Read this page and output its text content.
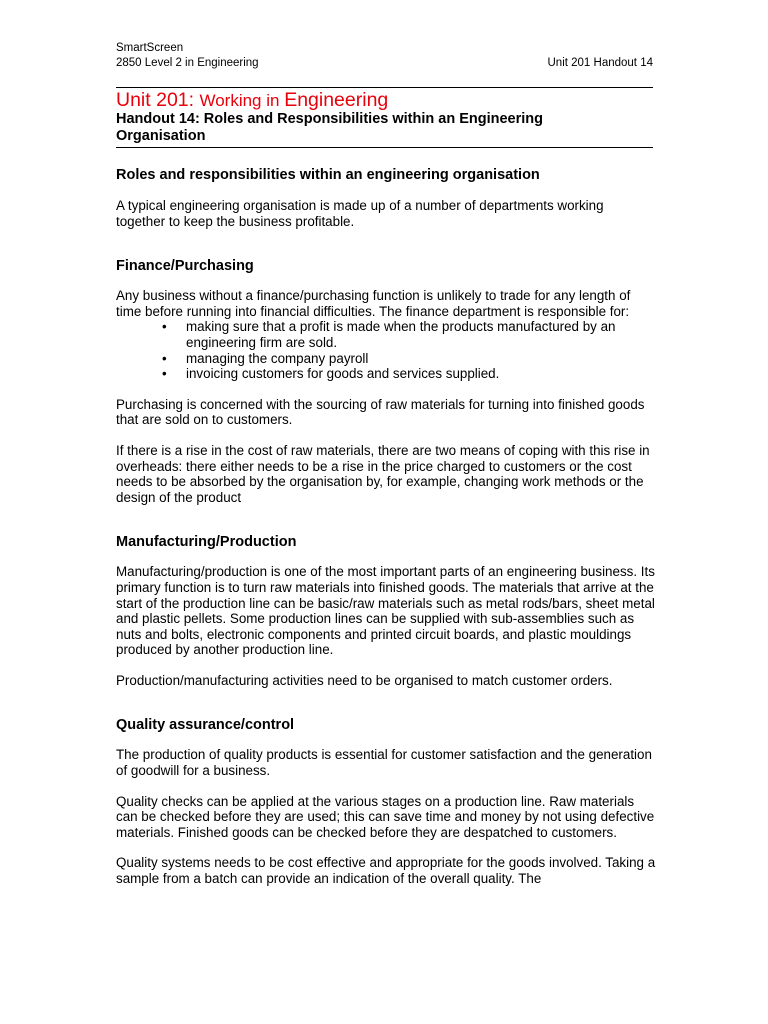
SmartScreen
2850 Level 2 in Engineering	Unit 201 Handout 14
Unit 201: Working in Engineering
Handout 14: Roles and Responsibilities within an Engineering Organisation
Roles and responsibilities within an engineering organisation

A typical engineering organisation is made up of a number of departments working together to keep the business profitable.

Finance/Purchasing

Any business without a finance/purchasing function is unlikely to trade for any length of time before running into financial difficulties. The finance department is responsible for:

• making sure that a profit is made when the products manufactured by an engineering firm are sold.
• managing the company payroll
• invoicing customers for goods and services supplied.

Purchasing is concerned with the sourcing of raw materials for turning into finished goods that are sold on to customers.

If there is a rise in the cost of raw materials, there are two means of coping with this rise in overheads: there either needs to be a rise in the price charged to customers or the cost needs to be absorbed by the organisation by, for example, changing work methods or the design of the product

Manufacturing/Production

Manufacturing/production is one of the most important parts of an engineering business. Its primary function is to turn raw materials into finished goods. The materials that arrive at the start of the production line can be basic/raw materials such as metal rods/bars, sheet metal and plastic pellets. Some production lines can be supplied with sub-assemblies such as nuts and bolts, electronic components and printed circuit boards, and plastic mouldings produced by another production line.

Production/manufacturing activities need to be organised to match customer orders.

Quality assurance/control

The production of quality products is essential for customer satisfaction and the generation of goodwill for a business.

Quality checks can be applied at the various stages on a production line. Raw materials can be checked before they are used; this can save time and money by not using defective materials. Finished goods can be checked before they are despatched to customers.

Quality systems needs to be cost effective and appropriate for the goods involved. Taking a sample from a batch can provide an indication of the overall quality. The
